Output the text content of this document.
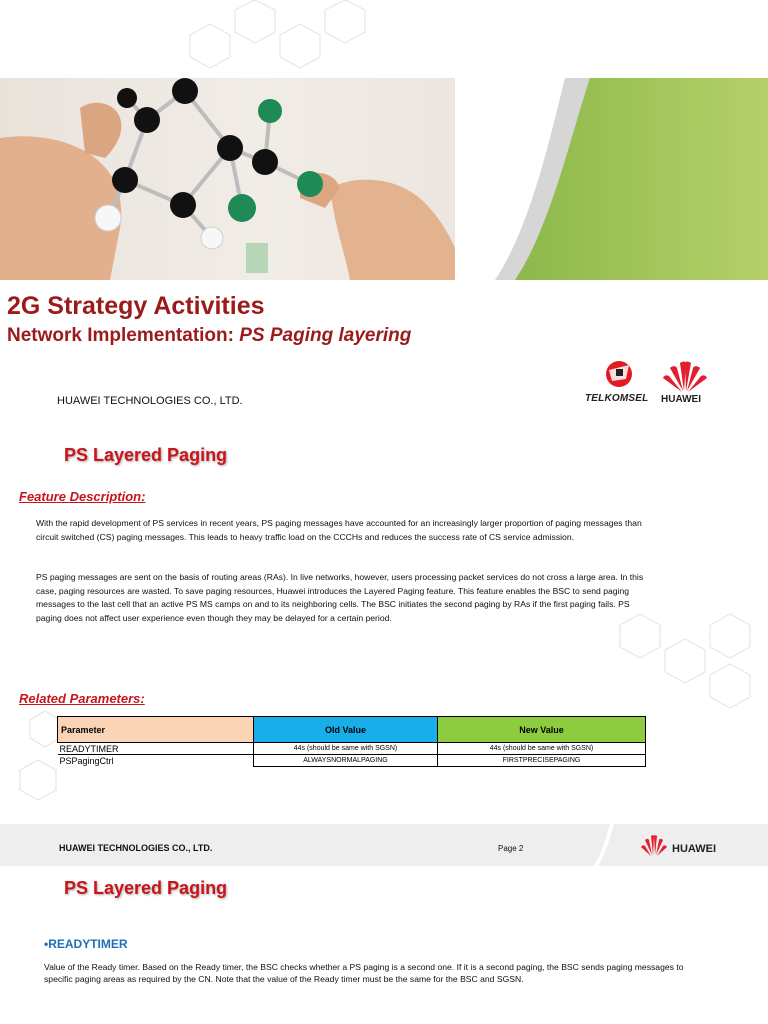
2G Strategy Activities
Network Implementation: PS Paging layering
HUAWEI TECHNOLOGIES CO., LTD.	TELKOMSEL HUAWEI
PS Layered Paging
Feature Description:

With the rapid development of PS services in recent years, PS paging messages have accounted for an increasingly larger proportion of paging messages than circuit switched (CS) paging messages. This leads to heavy traffic load on the CCCHs and reduces the success rate of CS service admission.

PS paging messages are sent on the basis of routing areas (RAs). In live networks, however, users processing packet services do not cross a large area. In this case, paging resources are wasted. To save paging resources, Huawei introduces the Layered Paging feature. This feature enables the BSC to send paging messages to the last cell that an active PS MS camps on and to its neighboring cells. The BSC initiates the second paging by RAs if the first paging fails. PS paging does not affect user experience even though they may be delayed for a certain period.

Related Parameters:
Parameter	Old Value	New Value
READYTIMER	44s (should be same with SGSN)	44s (should be same with SGSN)
PSPagingCtrl	ALWAYSNORMALPAGING	FIRSTPRECISEPAGING
HUAWEI TECHNOLOGIES CO., LTD.	Page 2	HUAWEI
PS Layered Paging
•READYTIMER

Value of the Ready timer. Based on the Ready timer, the BSC checks whether a PS paging is a second one. If it is a second paging, the BSC sends paging messages to specific paging areas as required by the CN. Note that the value of the Ready timer must be the same for the BSC and SGSN.
